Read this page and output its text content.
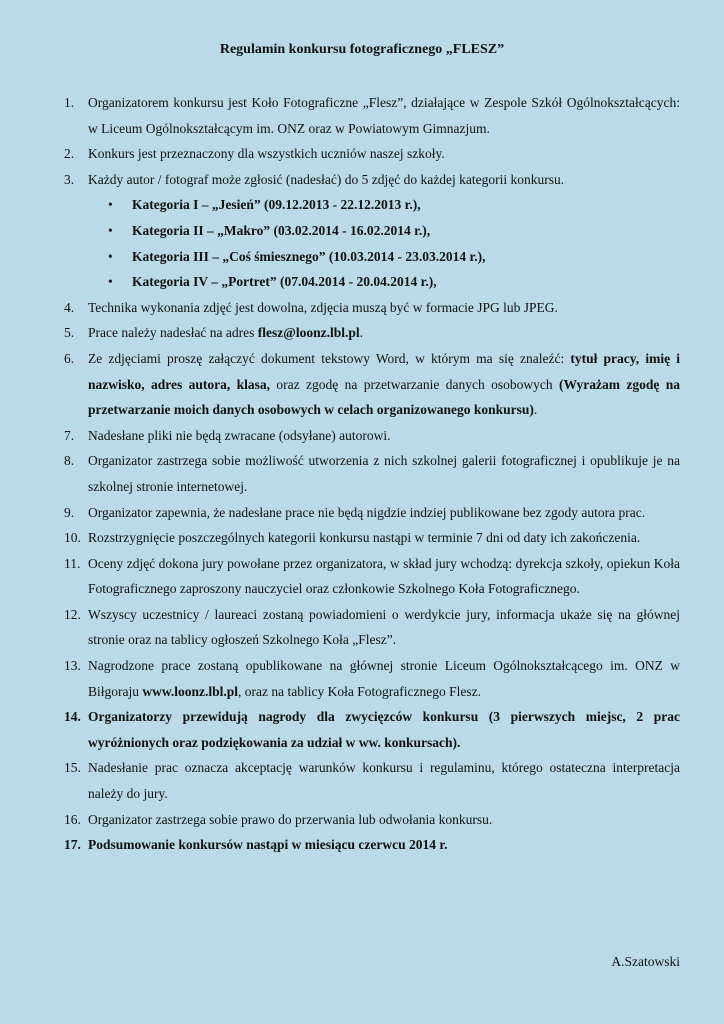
Regulamin konkursu fotograficznego „FLESZ”
1.	Organizatorem konkursu jest Koło Fotograficzne „Flesz”, działające w Zespole Szkół Ogólnokształcących: w Liceum Ogólnokształcącym im. ONZ oraz w Powiatowym Gimnazjum.
2.	Konkurs jest przeznaczony dla wszystkich uczniów naszej szkoły.
3.	Każdy autor / fotograf może zgłosić (nadesłać) do 5 zdjęć do każdej kategorii konkursu.
• Kategoria I – „Jesień” (09.12.2013 - 22.12.2013 r.),
• Kategoria II – „Makro” (03.02.2014 - 16.02.2014 r.),
• Kategoria III – „Coś śmiesznego” (10.03.2014 - 23.03.2014 r.),
• Kategoria IV – „Portret” (07.04.2014 - 20.04.2014 r.),
4.	Technika wykonania zdjęć jest dowolna, zdjęcia muszą być w formacie JPG lub JPEG.
5.	Prace należy nadesłać na adres flesz@loonz.lbl.pl.
6.	Ze zdjęciami proszę załączyć dokument tekstowy Word, w którym ma się znaleźć: tytuł pracy, imię i nazwisko, adres autora, klasa, oraz zgodę na przetwarzanie danych osobowych (Wyrażam zgodę na przetwarzanie moich danych osobowych w celach organizowanego konkursu).
7.	Nadesłane pliki nie będą zwracane (odsyłane) autorowi.
8.	Organizator zastrzega sobie możliwość utworzenia z nich szkolnej galerii fotograficznej i opublikuje je na szkolnej stronie internetowej.
9.	Organizator zapewnia, że nadesłane prace nie będą nigdzie indziej publikowane bez zgody autora prac.
10. Rozstrzygnięcie poszczególnych kategorii konkursu nastąpi w terminie 7 dni od daty ich zakończenia.
11. Oceny zdjęć dokona jury powołane przez organizatora, w skład jury wchodzą: dyrekcja szkoły, opiekun Koła Fotograficznego zaproszony nauczyciel oraz członkowie Szkolnego Koła Fotograficznego.
12. Wszyscy uczestnicy / laureaci zostaną powiadomieni o werdykcie jury, informacja ukaże się na głównej stronie oraz na tablicy ogłoszeń Szkolnego Koła „Flesz”.
13. Nagrodzone prace zostaną opublikowane na głównej stronie Liceum Ogólnokształcącego im. ONZ w Biłgoraju www.loonz.lbl.pl, oraz na tablicy Koła Fotograficznego Flesz.
14. Organizatorzy przewidują nagrody dla zwycięzców konkursu (3 pierwszych miejsc, 2 prac wyróżnionych oraz podziękowania za udział w ww. konkursach).
15. Nadesłanie prac oznacza akceptację warunków konkursu i regulaminu, którego ostateczna interpretacja należy do jury.
16. Organizator zastrzega sobie prawo do przerwania lub odwołania konkursu.
17. Podsumowanie konkursów nastąpi w miesiącu czerwcu 2014 r.
A.Szatowski
